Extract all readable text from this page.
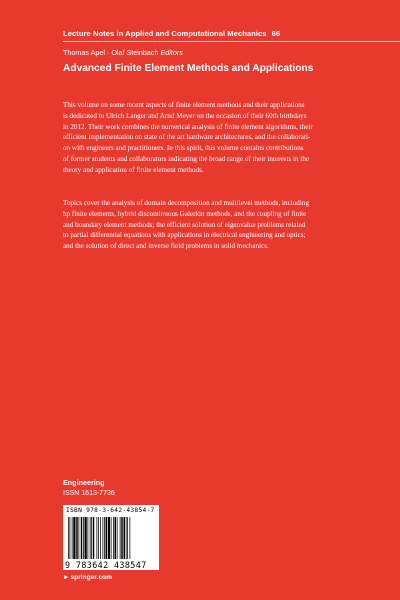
Lecture Notes in Applied and Computational Mechanics 66
Thomas Apel · Olaf Steinbach Editors
Advanced Finite Element Methods and Applications
This volume on some recent aspects of finite element methods and their applications
is dedicated to Ulrich Langer and Arnd Meyer on the occasion of their 60th birthdays
in 2012. Their work combines the numerical analysis of finite element algorithms, their
efficient implementation on state of the art hardware architectures, and the collaborati-
on with engineers and practitioners. In this spirit, this volume contains contributions
of former students and collaborators indicating the broad range of their interests in the
theory and application of finite element methods.
Topics cover the analysis of domain decomposition and multilevel methods, including
hp finite elements, hybrid discontinuous Galerkin methods, and the coupling of finite
and boundary element methods; the efficient solution of eigenvalue problems related
to partial differential equations with applications in electrical engineering and optics;
and the solution of direct and inverse field problems in solid mechanics.
Engineering
ISSN 1613-7736
ISBN 978-3-642-43854-7
9 783642 438547
►springer.com
